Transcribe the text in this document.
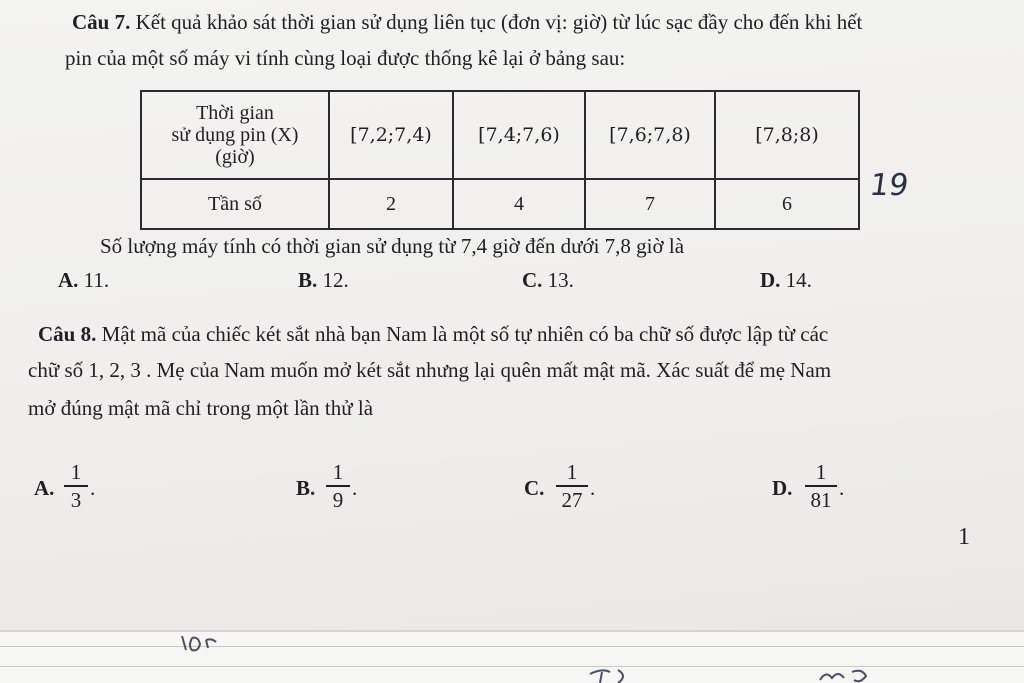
Câu 7. Kết quả khảo sát thời gian sử dụng liên tục (đơn vị: giờ) từ lúc sạc đầy cho đến khi hết
pin của một số máy vi tính cùng loại được thống kê lại ở bảng sau:
Thời gian
sử dụng pin (X)
(giờ)	[7,2;7,4)	[7,4;7,6)	[7,6;7,8)	[7,8;8)
Tần số	2	4	7	6
19
Số lượng máy tính có thời gian sử dụng từ 7,4 giờ đến dưới 7,8 giờ là
A. 11.	B. 12.	C. 13.	D. 14.
Câu 8. Mật mã của chiếc két sắt nhà bạn Nam là một số tự nhiên có ba chữ số được lập từ các
chữ số 1, 2, 3 . Mẹ của Nam muốn mở két sắt nhưng lại quên mất mật mã. Xác suất để mẹ Nam
mở đúng mật mã chỉ trong một lần thử là
A.
1
3 .	B.
1
9 .	C.
1
27 .	D.
1
81 .
1
